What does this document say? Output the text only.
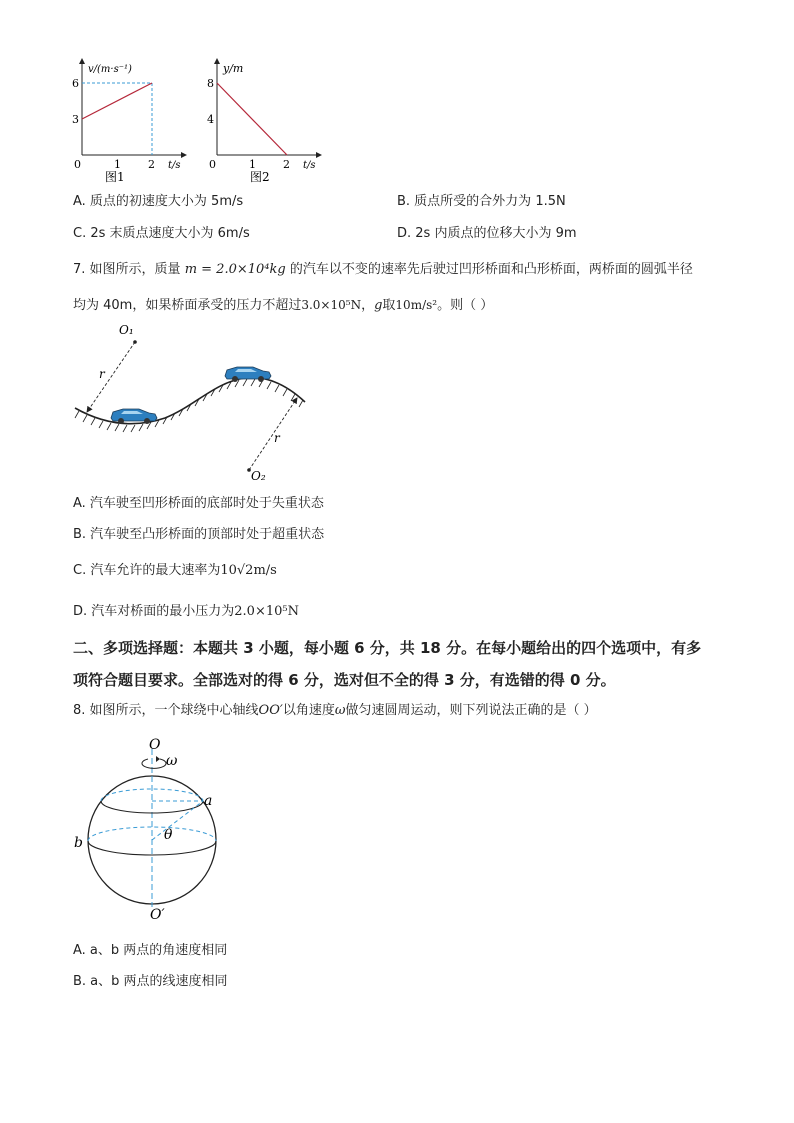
v/(m·s⁻¹)
6
3
0	1 2 t/s
图1
y/m
8
4
0	1 2 t/s
图2
A. 质点的初速度大小为 5m/s	B. 质点所受的合外力为 1.5N
C. 2s 末质点速度大小为 6m/s	D. 2s 内质点的位移大小为 9m
7. 如图所示，质量 m = 2.0×10⁴kg 的汽车以不变的速率先后驶过凹形桥面和凸形桥面，两桥面的圆弧半径
均为 40m，如果桥面承受的压力不超过3.0×10⁵N，g取10m/s²。则（ ）
O₁
r
O₂
r
A. 汽车驶至凹形桥面的底部时处于失重状态
B. 汽车驶至凸形桥面的顶部时处于超重状态
C. 汽车允许的最大速率为10√2m/s
D. 汽车对桥面的最小压力为2.0×10⁵N
二、多项选择题：本题共 3 小题，每小题 6 分，共 18 分。在每小题给出的四个选项中，有多
项符合题目要求。全部选对的得 6 分，选对但不全的得 3 分，有选错的得 0 分。
8. 如图所示，一个球绕中心轴线OO′以角速度ω做匀速圆周运动，则下列说法正确的是（ ）
O
ω
a
b	θ
O′
A. a、b 两点的角速度相同
B. a、b 两点的线速度相同
